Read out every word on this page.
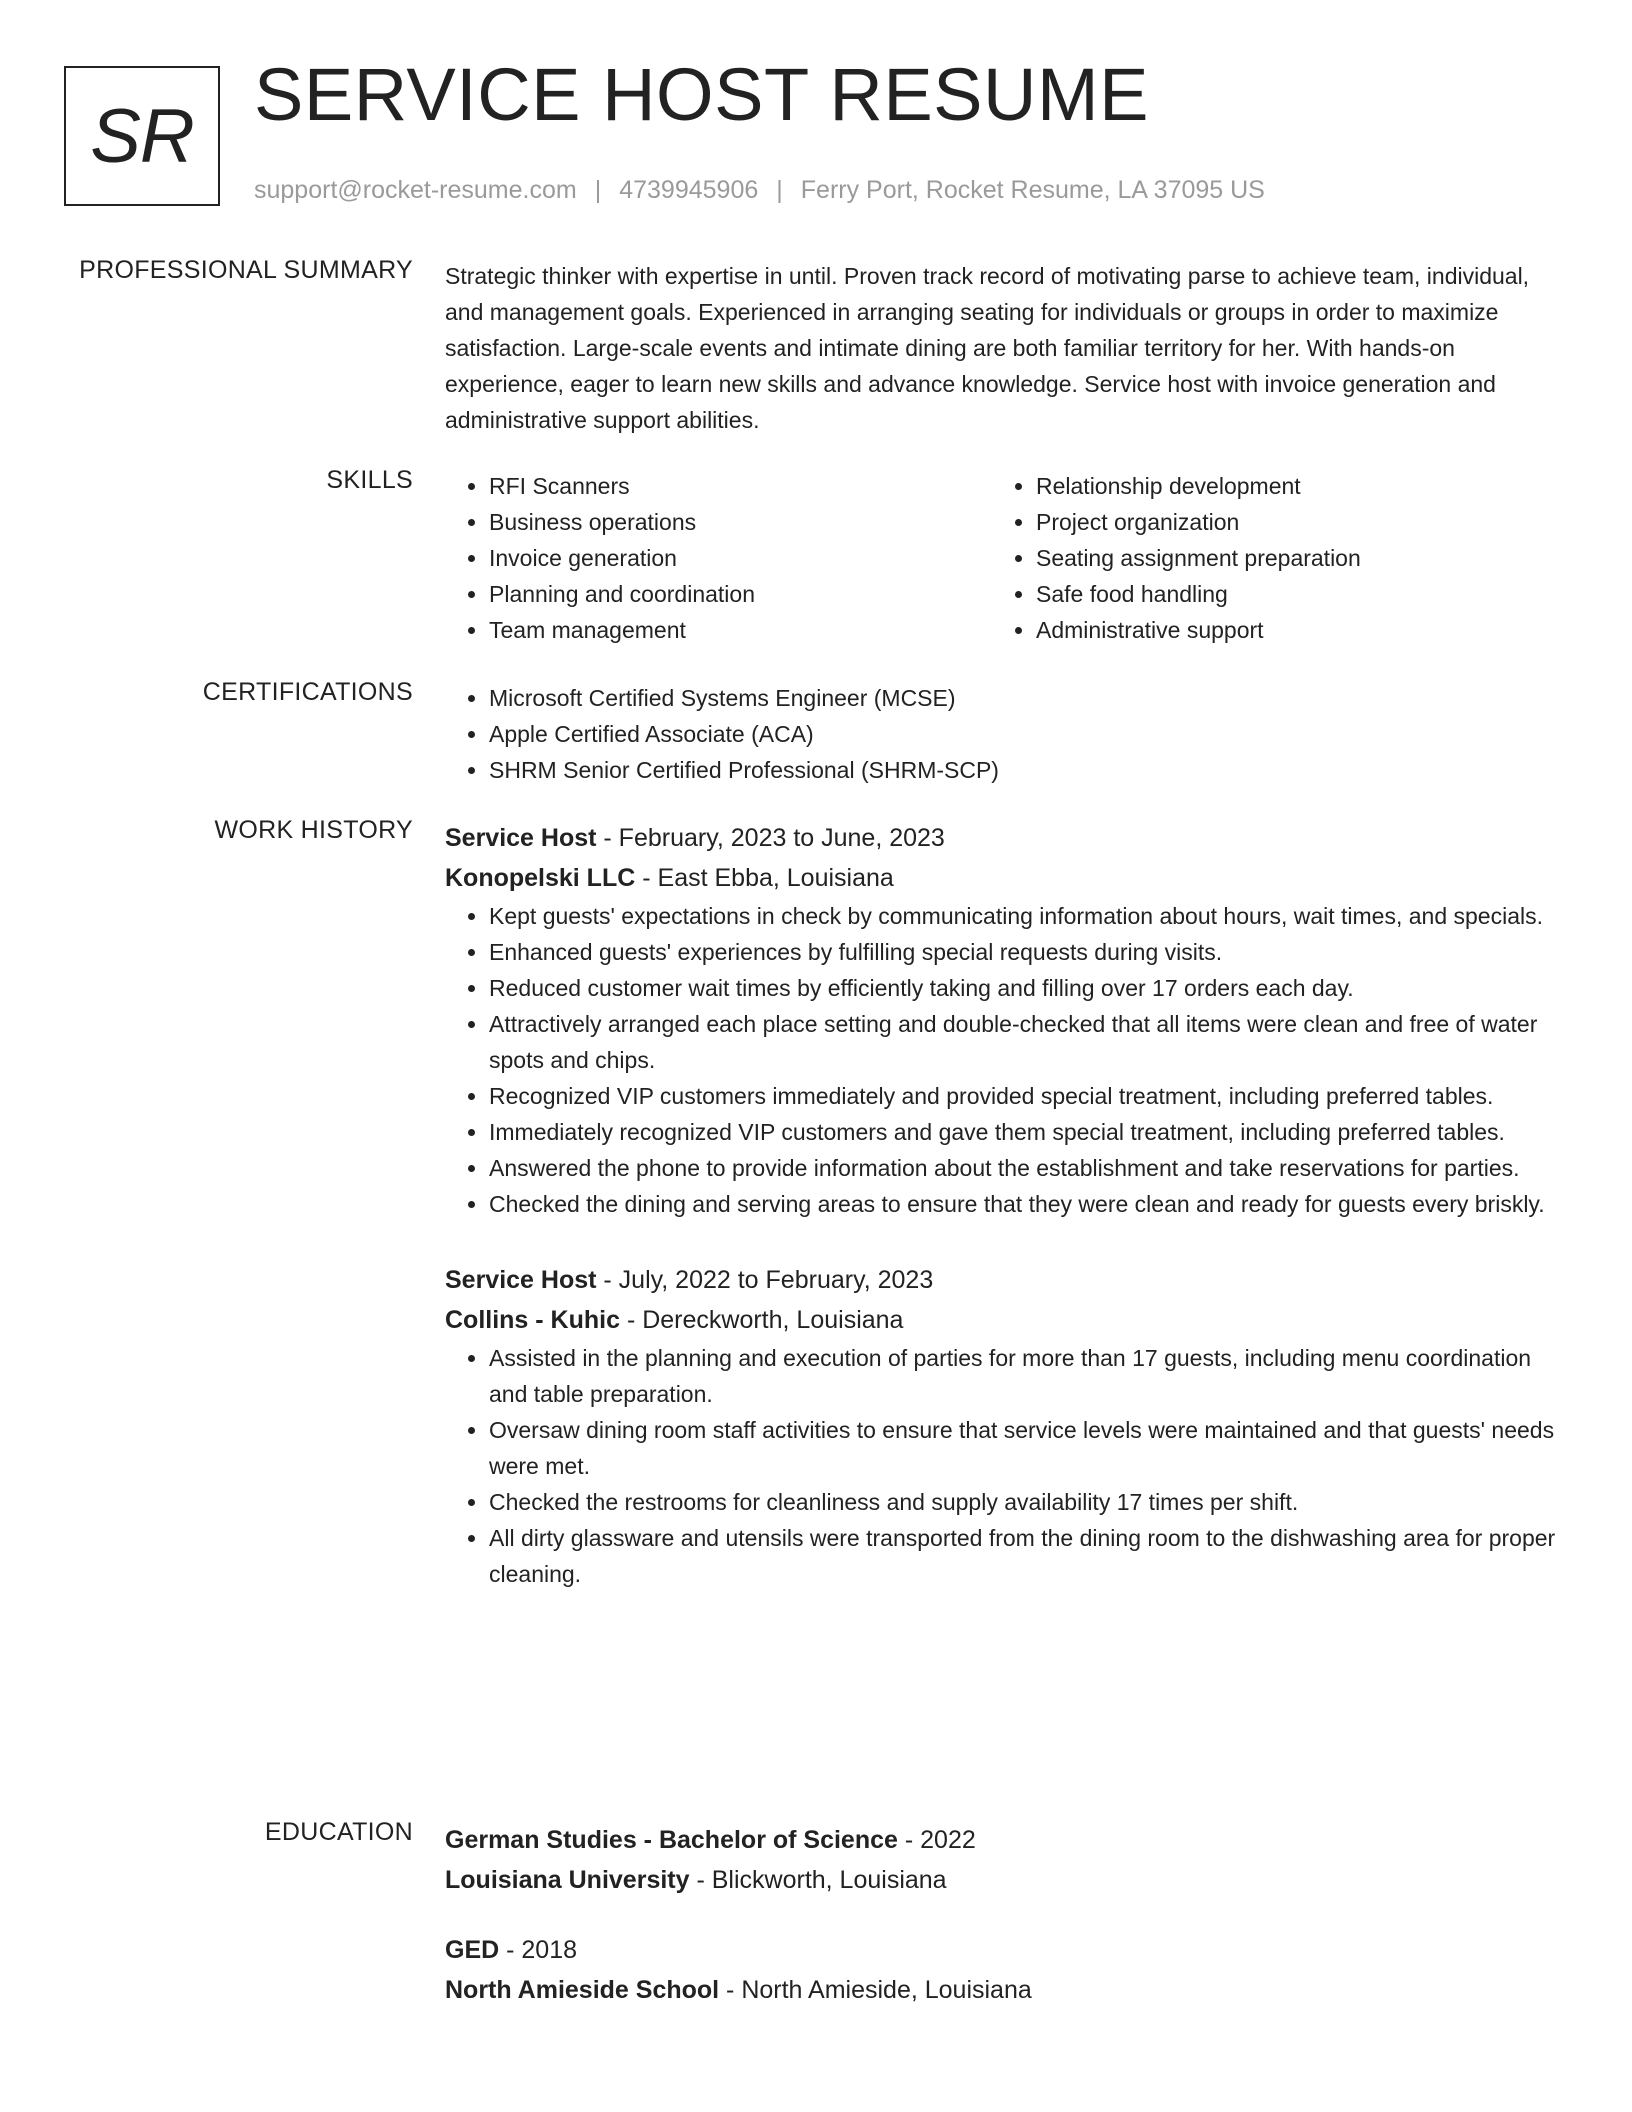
SR SERVICE HOST RESUME
support@rocket-resume.com | 4739945906 | Ferry Port, Rocket Resume, LA 37095 US
PROFESSIONAL SUMMARY Strategic thinker with expertise in until. Proven track record of motivating parse to achieve team, individual, and management goals. Experienced in arranging seating for individuals or groups in order to maximize satisfaction. Large-scale events and intimate dining are both familiar territory for her. With hands-on experience, eager to learn new skills and advance knowledge. Service host with invoice generation and administrative support abilities.
SKILLS	• RFI Scanners
• Business operations
• Invoice generation
• Planning and coordination
• Team management
• Relationship development
• Project organization
• Seating assignment preparation
• Safe food handling
• Administrative support
CERTIFICATIONS	• Microsoft Certified Systems Engineer (MCSE)
• Apple Certified Associate (ACA)
• SHRM Senior Certified Professional (SHRM-SCP)
WORK HISTORY Service Host - February, 2023 to June, 2023
Konopelski LLC - East Ebba, Louisiana
• Kept guests' expectations in check by communicating information about hours, wait times, and specials.
• Enhanced guests' experiences by fulfilling special requests during visits.
• Reduced customer wait times by efficiently taking and filling over 17 orders each day.
• Attractively arranged each place setting and double-checked that all items were clean and free of water spots and chips.
• Recognized VIP customers immediately and provided special treatment, including preferred tables.
• Immediately recognized VIP customers and gave them special treatment, including preferred tables.
• Answered the phone to provide information about the establishment and take reservations for parties.
• Checked the dining and serving areas to ensure that they were clean and ready for guests every briskly.
Service Host - July, 2022 to February, 2023
Collins - Kuhic - Dereckworth, Louisiana
• Assisted in the planning and execution of parties for more than 17 guests, including menu coordination and table preparation.
• Oversaw dining room staff activities to ensure that service levels were maintained and that guests' needs were met.
• Checked the restrooms for cleanliness and supply availability 17 times per shift.
• All dirty glassware and utensils were transported from the dining room to the dishwashing area for proper cleaning.
EDUCATION German Studies - Bachelor of Science - 2022
Louisiana University - Blickworth, Louisiana
GED - 2018
North Amieside School - North Amieside, Louisiana
